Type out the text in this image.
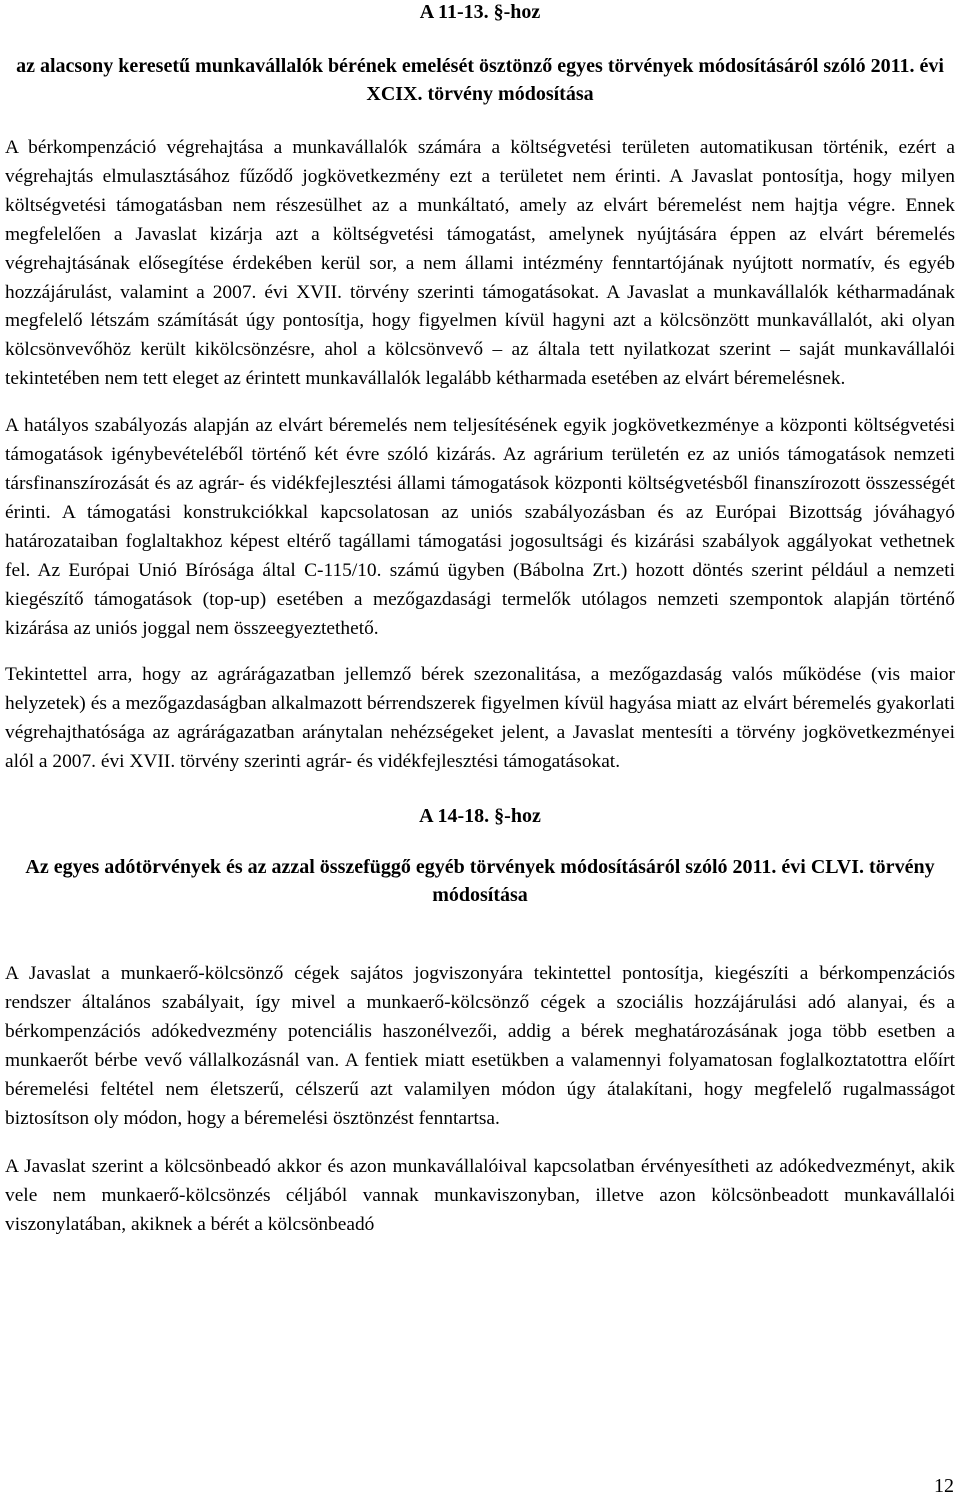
A 11-13. §-hoz

az alacsony keresetű munkavállalók bérének emelését ösztönző egyes törvények módosításáról szóló 2011. évi XCIX. törvény módosítása

A bérkompenzáció végrehajtása a munkavállalók számára a költségvetési területen automatikusan történik, ezért a végrehajtás elmulasztásához fűződő jogkövetkezmény ezt a területet nem érinti. A Javaslat pontosítja, hogy milyen költségvetési támogatásban nem részesülhet az a munkáltató, amely az elvárt béremelést nem hajtja végre. Ennek megfelelően a Javaslat kizárja azt a költségvetési támogatást, amelynek nyújtására éppen az elvárt béremelés végrehajtásának elősegítése érdekében kerül sor, a nem állami intézmény fenntartójának nyújtott normatív, és egyéb hozzájárulást, valamint a 2007. évi XVII. törvény szerinti támogatásokat. A Javaslat a munkavállalók kétharmadának megfelelő létszám számítását úgy pontosítja, hogy figyelmen kívül hagyni azt a kölcsönzött munkavállalót, aki olyan kölcsönvevőhöz került kikölcsönzésre, ahol a kölcsönvevő – az általa tett nyilatkozat szerint – saját munkavállalói tekintetében nem tett eleget az érintett munkavállalók legalább kétharmada esetében az elvárt béremelésnek.

A hatályos szabályozás alapján az elvárt béremelés nem teljesítésének egyik jogkövetkezménye a központi költségvetési támogatások igénybevételéből történő két évre szóló kizárás. Az agrárium területén ez az uniós támogatások nemzeti társfinanszírozását és az agrár- és vidékfejlesztési állami támogatások központi költségvetésből finanszírozott összességét érinti. A támogatási konstrukciókkal kapcsolatosan az uniós szabályozásban és az Európai Bizottság jóváhagyó határozataiban foglaltakhoz képest eltérő tagállami támogatási jogosultsági és kizárási szabályok aggályokat vethetnek fel. Az Európai Unió Bírósága által C-115/10. számú ügyben (Bábolna Zrt.) hozott döntés szerint például a nemzeti kiegészítő támogatások (top-up) esetében a mezőgazdasági termelők utólagos nemzeti szempontok alapján történő kizárása az uniós joggal nem összeegyeztethető.

Tekintettel arra, hogy az agrárágazatban jellemző bérek szezonalitása, a mezőgazdaság valós működése (vis maior helyzetek) és a mezőgazdaságban alkalmazott bérrendszerek figyelmen kívül hagyása miatt az elvárt béremelés gyakorlati végrehajthatósága az agrárágazatban aránytalan nehézségeket jelent, a Javaslat mentesíti a törvény jogkövetkezményei alól a 2007. évi XVII. törvény szerinti agrár- és vidékfejlesztési támogatásokat.

A 14-18. §-hoz

Az egyes adótörvények és az azzal összefüggő egyéb törvények módosításáról szóló 2011. évi CLVI. törvény módosítása

A Javaslat a munkaerő-kölcsönző cégek sajátos jogviszonyára tekintettel pontosítja, kiegészíti a bérkompenzációs rendszer általános szabályait, így mivel a munkaerő-kölcsönző cégek a szociális hozzájárulási adó alanyai, és a bérkompenzációs adókedvezmény potenciális haszonélvezői, addig a bérek meghatározásának joga több esetben a munkaerőt bérbe vevő vállalkozásnál van. A fentiek miatt esetükben a valamennyi folyamatosan foglalkoztatottra előírt béremelési feltétel nem életszerű, célszerű azt valamilyen módon úgy átalakítani, hogy megfelelő rugalmasságot biztosítson oly módon, hogy a béremelési ösztönzést fenntartsa.

A Javaslat szerint a kölcsönbeadó akkor és azon munkavállalóival kapcsolatban érvényesítheti az adókedvezményt, akik vele nem munkaerő-kölcsönzés céljából vannak munkaviszonyban, illetve azon kölcsönbeadott munkavállalói viszonylatában, akiknek a bérét a kölcsönbeadó

12
